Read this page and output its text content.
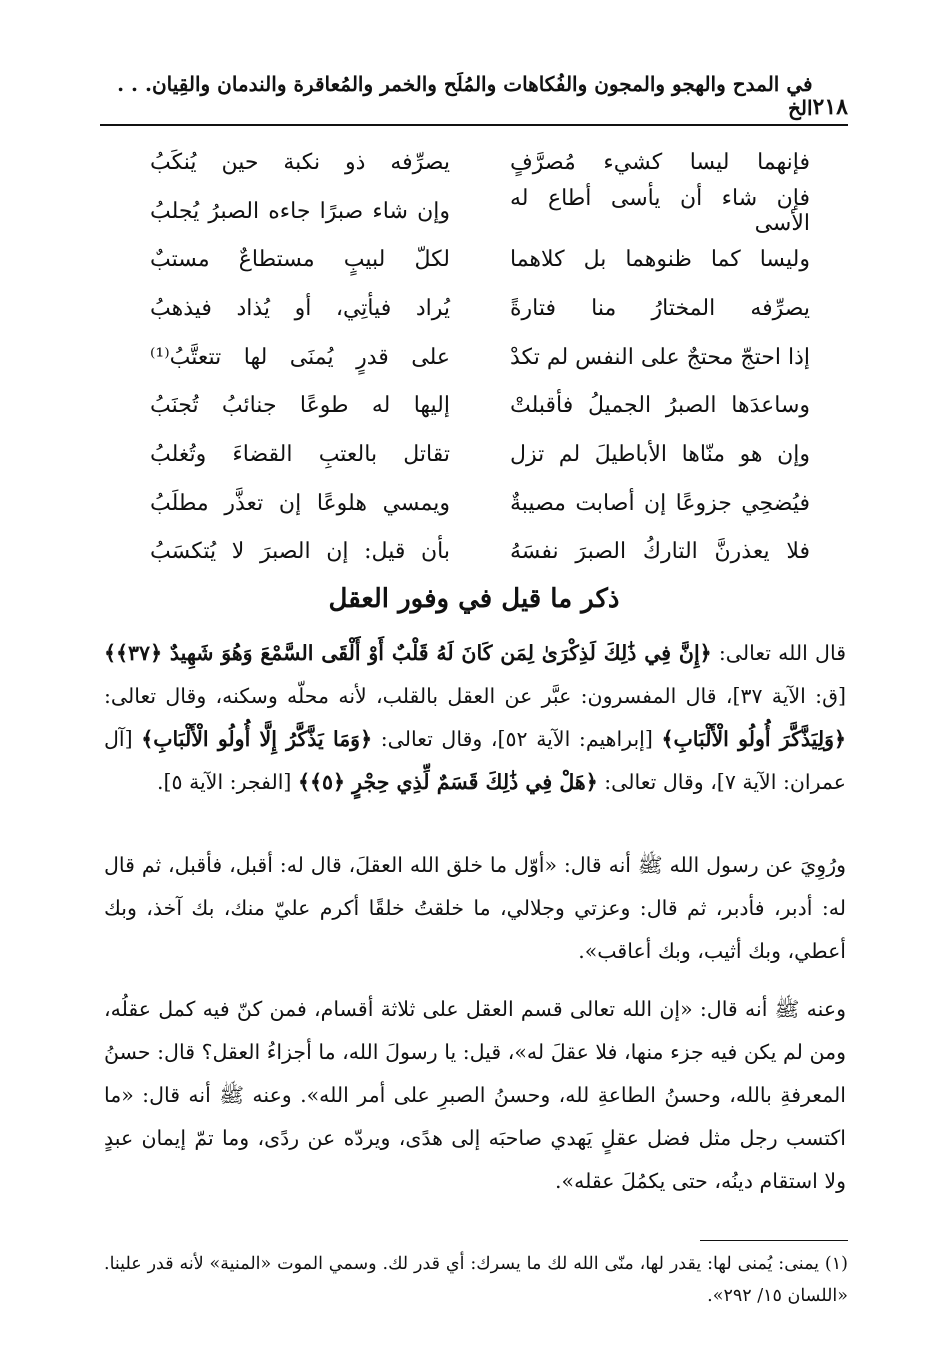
٢١٨
في المدح والهجو والمجون والفُكاهات والمُلَح والخمر والمُعاقرة والندمان والقِيان. . . الخ
فإنهما ليسا كشيء مُصرَّفٍ
يصرِّفه ذو نكبة حين يُنكَبُ
فإن شاء أن يأسى أطاع له الأسى
وإن شاء صبرًا جاءه الصبرُ يُجلبُ
وليسا كما ظنوهما بل كلاهما
لكلّ لبيبٍ مستطاعٌ مستبٌ
يصرِّفه المختارُ منا فتارةً
يُراد فيأتِي، أو يُذاد فيذهبُ
إذا احتجّ محتجٌ على النفس لم تكدْ
على قدرٍ يُمنَى لها تتعتَّبُ⁽¹⁾
وساعدَها الصبرُ الجميلُ فأقبلتْ
إليها له طوعًا جنائبُ تُجنَبُ
وإن هو منّاها الأباطيلَ لم تزل
تقاتل بالعتبِ القضاءَ وتُغلبُ
فيُضحِي جزوعًا إن أصابت مصيبةٌ
ويمسي هلوعًا إن تعذَّر مطلَبُ
فلا يعذرنَّ التاركُ الصبرَ نفسَهُ
بأن قيل: إن الصبرَ لا يُتكسَبُ
ذكر ما قيل في وفور العقل
قال الله تعالى: ﴿إِنَّ فِي ذَٰلِكَ لَذِكْرَىٰ لِمَن كَانَ لَهُ قَلْبٌ أَوْ أَلْقَى السَّمْعَ وَهُوَ شَهِيدٌ ﴿٣٧﴾﴾ [ق: الآية ٣٧]، قال المفسرون: عبَّر عن العقل بالقلب، لأنه محلّه وسكنه، وقال تعالى: ﴿وَلِيَذَّكَّرَ أُولُو الْأَلْبَابِ﴾ [إبراهيم: الآية ٥٢]، وقال تعالى: ﴿وَمَا يَذَّكَّرُ إِلَّا أُولُو الْأَلْبَابِ﴾ [آل عمران: الآية ٧]، وقال تعالى: ﴿هَلْ فِي ذَٰلِكَ قَسَمٌ لِّذِي حِجْرٍ ﴿٥﴾﴾ [الفجر: الآية ٥].
ورُوِيَ عن رسول الله ﷺ أنه قال: «أوّل ما خلق الله العقلَ، قال له: أقبل، فأقبل، ثم قال له: أدبر، فأدبر، ثم قال: وعزتي وجلالي، ما خلقتُ خلقًا أكرم عليّ منك، بك آخذ، وبك أعطي، وبك أثيب، وبك أعاقب».
وعنه ﷺ أنه قال: «إن الله تعالى قسم العقل على ثلاثة أقسام، فمن كنّ فيه كمل عقلُه، ومن لم يكن فيه جزء منها، فلا عقلَ له»، قيل: يا رسولَ الله، ما أجزاءُ العقل؟ قال: حسنُ المعرفةِ بالله، وحسنُ الطاعةِ لله، وحسنُ الصبرِ على أمر الله». وعنه ﷺ أنه قال: «ما اكتسب رجل مثل فضل عقلٍ يَهدي صاحبَه إلى هدًى، ويردّه عن ردًى، وما تمّ إيمان عبدٍ ولا استقام دينُه، حتى يكمُلَ عقله».
(١) يمنى: يُمنى لها: يقدر لها، منّى الله لك ما يسرك: أي قدر لك. وسمي الموت «المنية» لأنه قدر علينا. «اللسان ١٥/ ٢٩٢».
